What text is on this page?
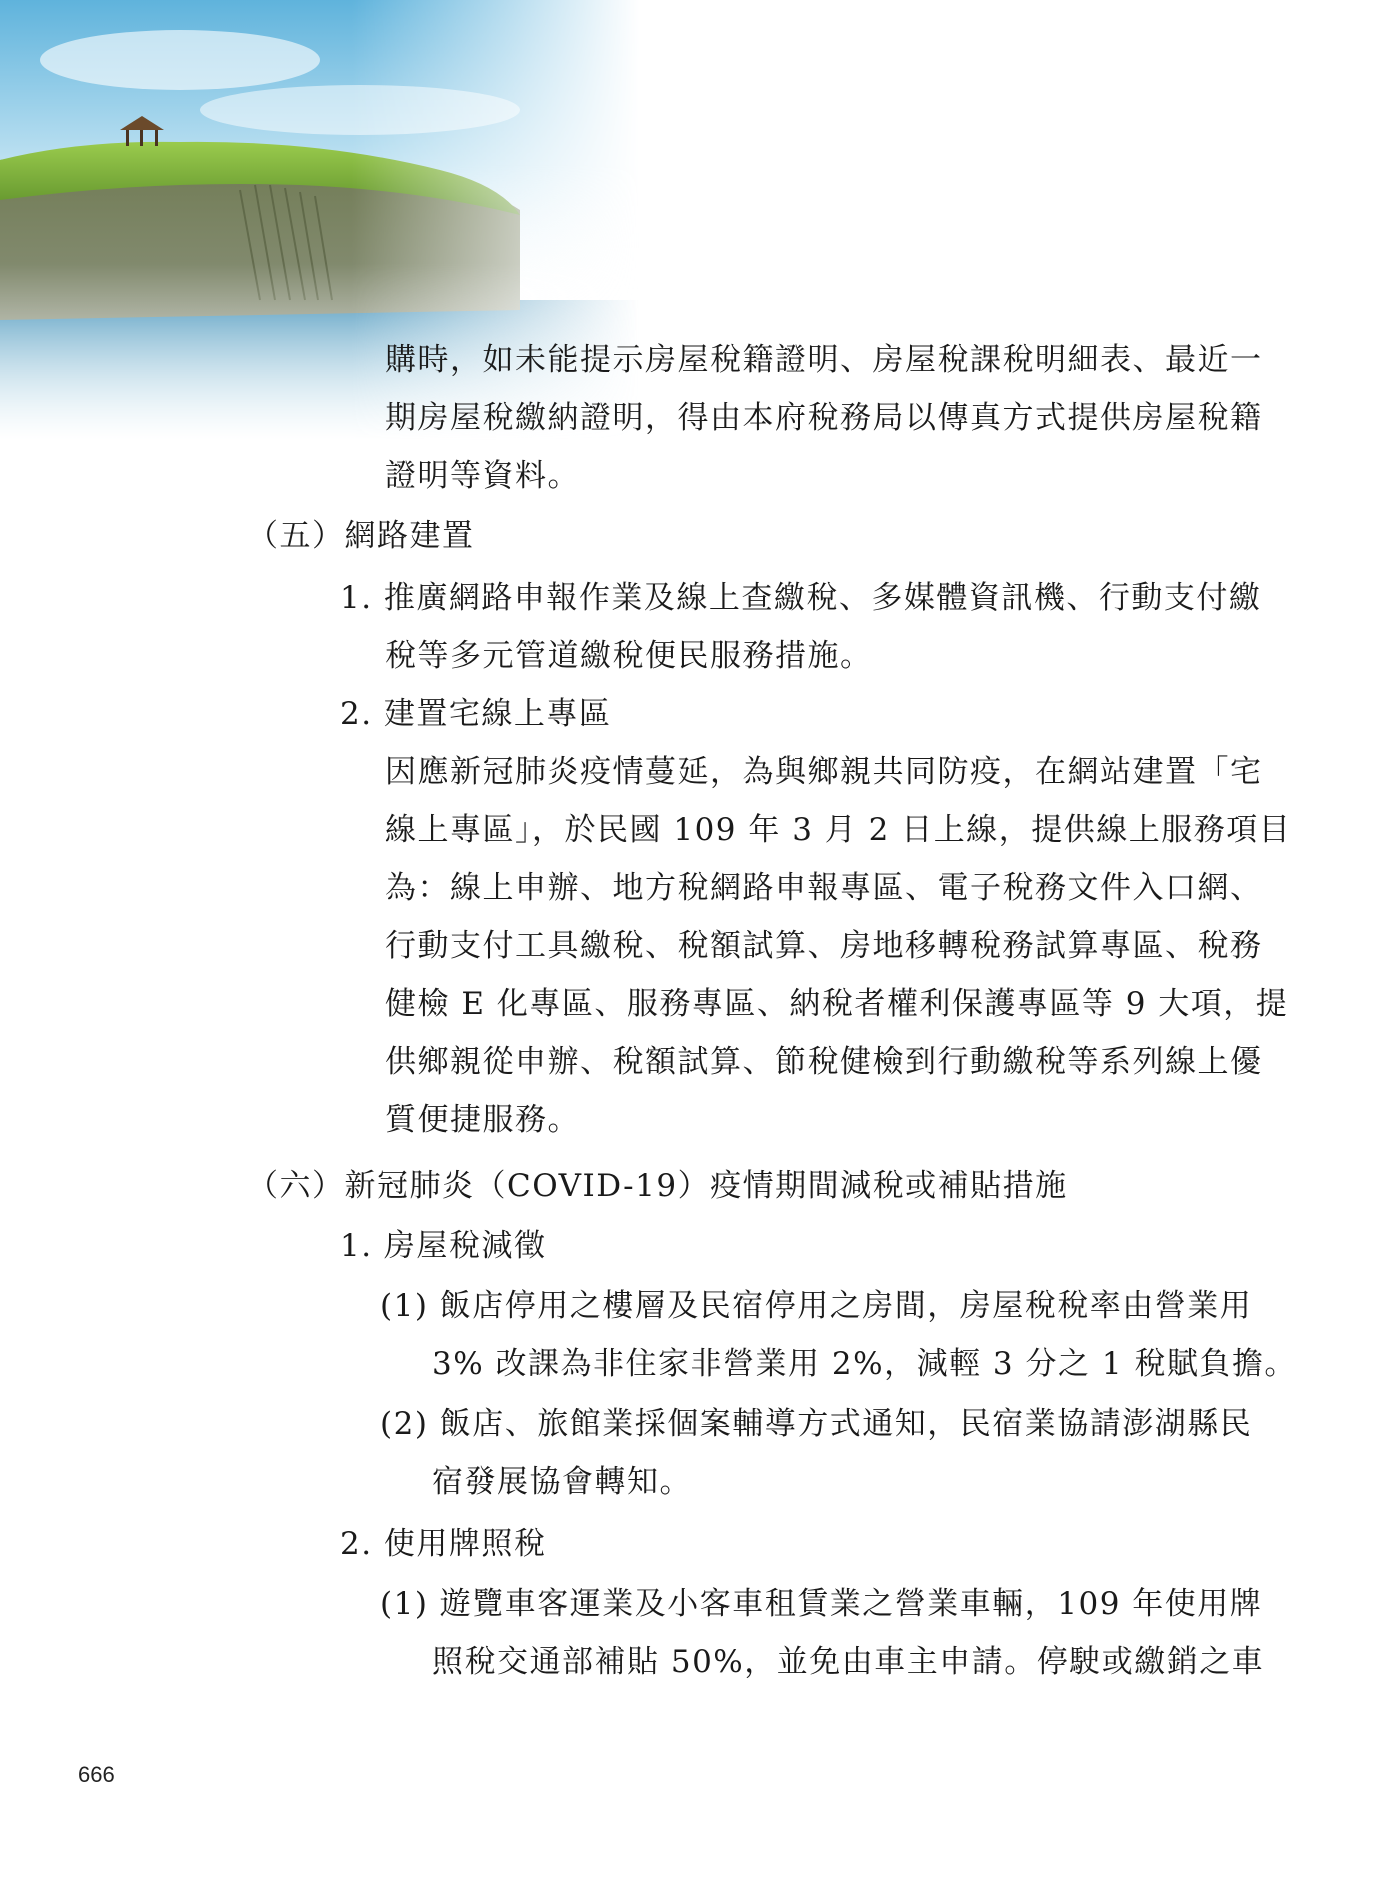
購時，如未能提示房屋稅籍證明、房屋稅課稅明細表、最近一
期房屋稅繳納證明，得由本府稅務局以傳真方式提供房屋稅籍
證明等資料。
（五）網路建置
1. 推廣網路申報作業及線上查繳稅、多媒體資訊機、行動支付繳
稅等多元管道繳稅便民服務措施。
2. 建置宅線上專區
因應新冠肺炎疫情蔓延，為與鄉親共同防疫，在網站建置「宅
線上專區」，於民國 109 年 3 月 2 日上線，提供線上服務項目
為：線上申辦、地方稅網路申報專區、電子稅務文件入口網、
行動支付工具繳稅、稅額試算、房地移轉稅務試算專區、稅務
健檢 E 化專區、服務專區、納稅者權利保護專區等 9 大項，提
供鄉親從申辦、稅額試算、節稅健檢到行動繳稅等系列線上優
質便捷服務。
（六）新冠肺炎（COVID-19）疫情期間減稅或補貼措施
1. 房屋稅減徵
(1) 飯店停用之樓層及民宿停用之房間，房屋稅稅率由營業用
3% 改課為非住家非營業用 2%，減輕 3 分之 1 稅賦負擔。
(2) 飯店、旅館業採個案輔導方式通知，民宿業協請澎湖縣民
宿發展協會轉知。
2. 使用牌照稅
(1) 遊覽車客運業及小客車租賃業之營業車輛，109 年使用牌
照稅交通部補貼 50%，並免由車主申請。停駛或繳銷之車
666
